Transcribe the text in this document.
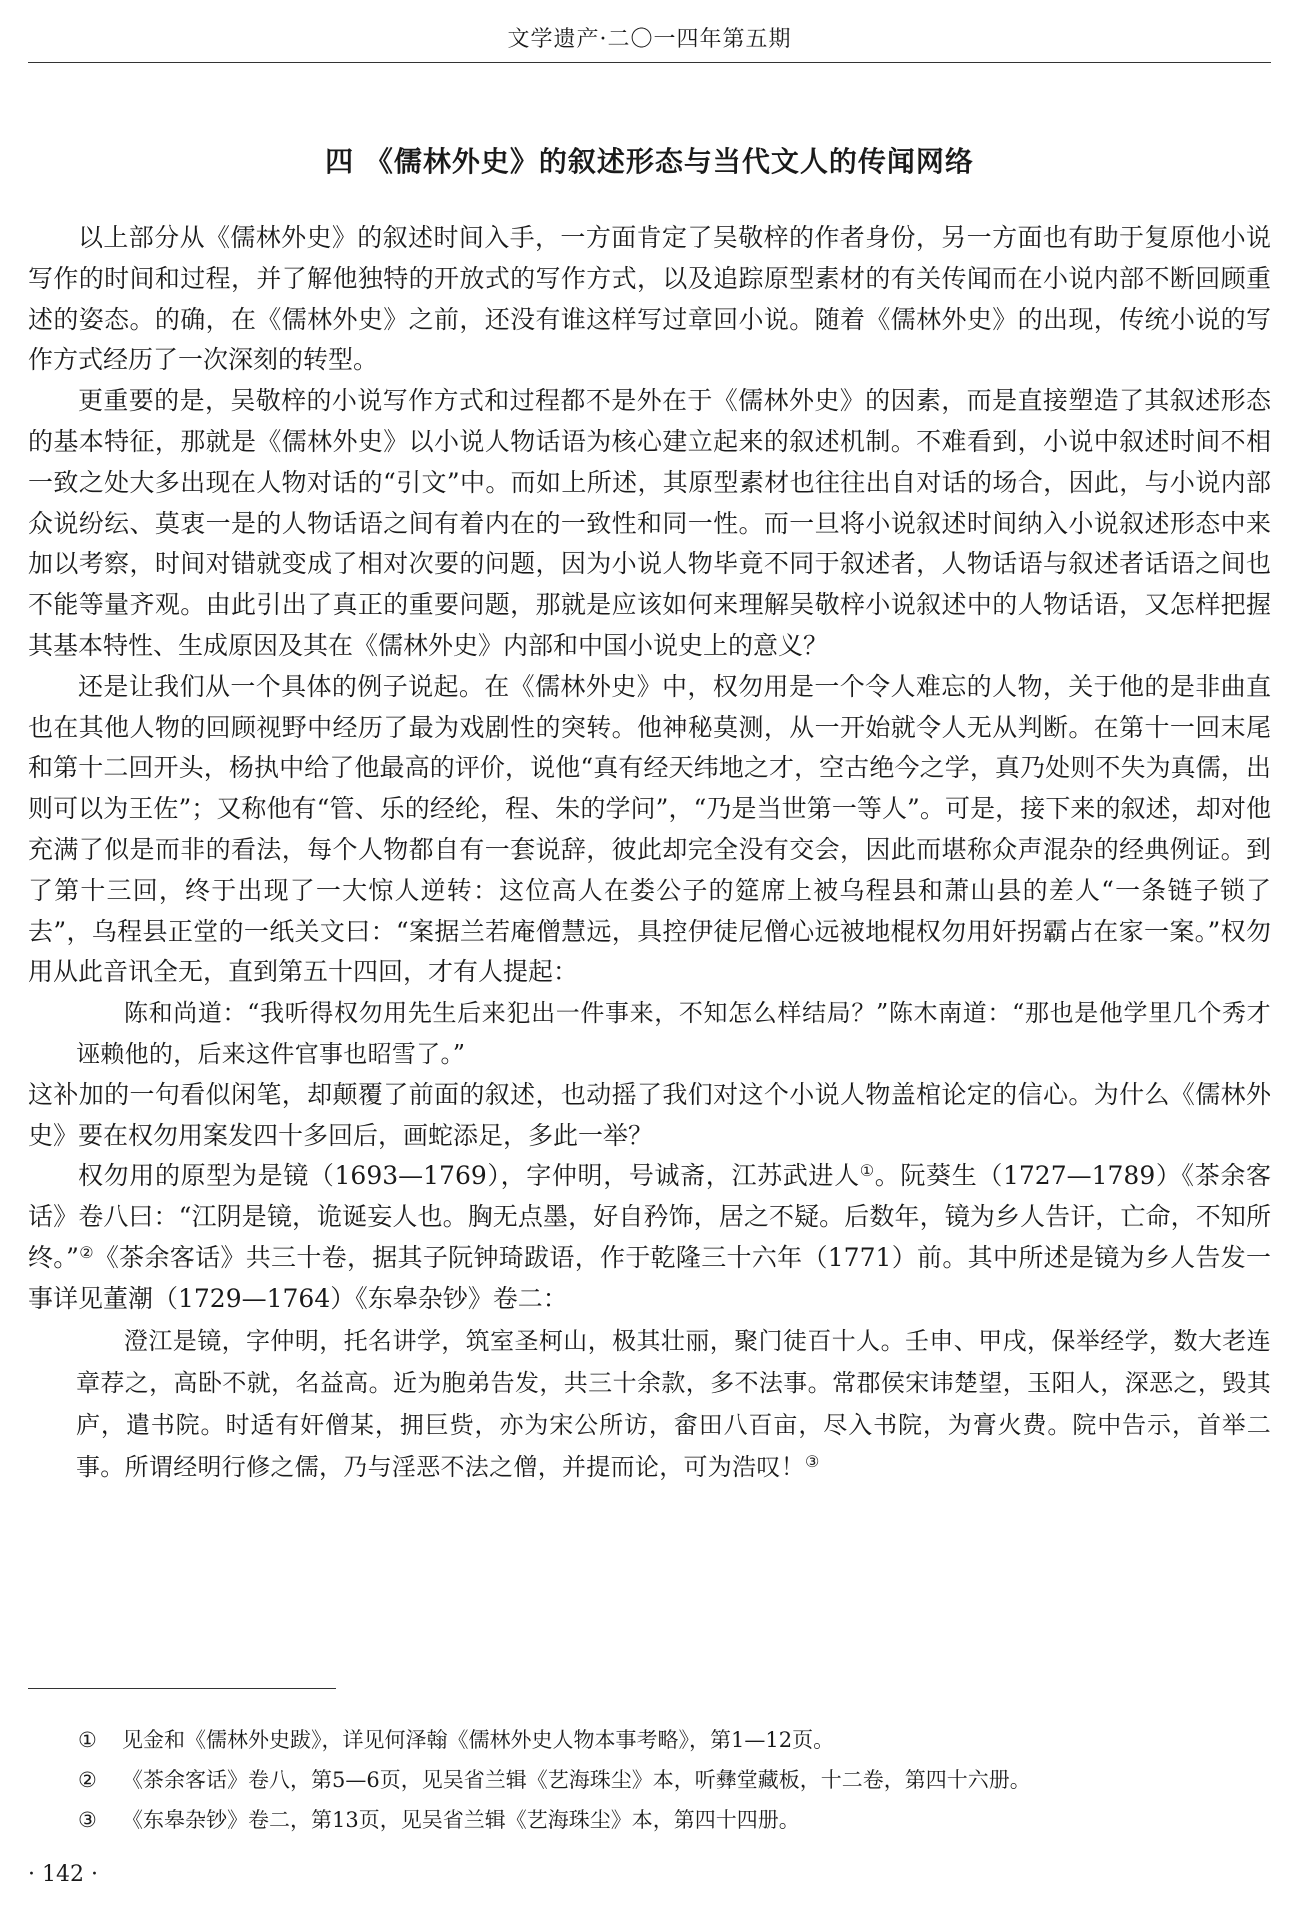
文学遗产·二〇一四年第五期
四 《儒林外史》的叙述形态与当代文人的传闻网络

以上部分从《儒林外史》的叙述时间入手，一方面肯定了吴敬梓的作者身份，另一方面也有助于复原他小说写作的时间和过程，并了解他独特的开放式的写作方式，以及追踪原型素材的有关传闻而在小说内部不断回顾重述的姿态。的确，在《儒林外史》之前，还没有谁这样写过章回小说。随着《儒林外史》的出现，传统小说的写作方式经历了一次深刻的转型。

更重要的是，吴敬梓的小说写作方式和过程都不是外在于《儒林外史》的因素，而是直接塑造了其叙述形态的基本特征，那就是《儒林外史》以小说人物话语为核心建立起来的叙述机制。不难看到，小说中叙述时间不相一致之处大多出现在人物对话的“引文”中。而如上所述，其原型素材也往往出自对话的场合，因此，与小说内部众说纷纭、莫衷一是的人物话语之间有着内在的一致性和同一性。而一旦将小说叙述时间纳入小说叙述形态中来加以考察，时间对错就变成了相对次要的问题，因为小说人物毕竟不同于叙述者，人物话语与叙述者话语之间也不能等量齐观。由此引出了真正的重要问题，那就是应该如何来理解吴敬梓小说叙述中的人物话语，又怎样把握其基本特性、生成原因及其在《儒林外史》内部和中国小说史上的意义？

还是让我们从一个具体的例子说起。在《儒林外史》中，权勿用是一个令人难忘的人物，关于他的是非曲直也在其他人物的回顾视野中经历了最为戏剧性的突转。他神秘莫测，从一开始就令人无从判断。在第十一回末尾和第十二回开头，杨执中给了他最高的评价，说他“真有经天纬地之才，空古绝今之学，真乃处则不失为真儒，出则可以为王佐”；又称他有“管、乐的经纶，程、朱的学问”，“乃是当世第一等人”。可是，接下来的叙述，却对他充满了似是而非的看法，每个人物都自有一套说辞，彼此却完全没有交会，因此而堪称众声混杂的经典例证。到了第十三回，终于出现了一大惊人逆转：这位高人在娄公子的筵席上被乌程县和萧山县的差人“一条链子锁了去”，乌程县正堂的一纸关文曰：“案据兰若庵僧慧远，具控伊徒尼僧心远被地棍权勿用奸拐霸占在家一案。”权勿用从此音讯全无，直到第五十四回，才有人提起：

陈和尚道：“我听得权勿用先生后来犯出一件事来，不知怎么样结局？”陈木南道：“那也是他学里几个秀才诬赖他的，后来这件官事也昭雪了。”

这补加的一句看似闲笔，却颠覆了前面的叙述，也动摇了我们对这个小说人物盖棺论定的信心。为什么《儒林外史》要在权勿用案发四十多回后，画蛇添足，多此一举？

权勿用的原型为是镜（1693—1769），字仲明，号诚斋，江苏武进人①。阮葵生（1727—1789）《茶余客话》卷八曰：“江阴是镜，诡诞妄人也。胸无点墨，好自矜饰，居之不疑。后数年，镜为乡人告讦，亡命，不知所终。”②《茶余客话》共三十卷，据其子阮钟琦跋语，作于乾隆三十六年（1771）前。其中所述是镜为乡人告发一事详见董潮（1729—1764）《东皋杂钞》卷二：

澄江是镜，字仲明，托名讲学，筑室圣柯山，极其壮丽，聚门徒百十人。壬申、甲戌，保举经学，数大老连章荐之，高卧不就，名益高。近为胞弟告发，共三十余款，多不法事。常郡侯宋讳楚望，玉阳人，深恶之，毁其庐，遣书院。时适有奸僧某，拥巨赀，亦为宋公所访，畲田八百亩，尽入书院，为膏火费。院中告示，首举二事。所谓经明行修之儒，乃与淫恶不法之僧，并提而论，可为浩叹！③

①	见金和《儒林外史跋》，详见何泽翰《儒林外史人物本事考略》，第1—12页。
②	《茶余客话》卷八，第5—6页，见吴省兰辑《艺海珠尘》本，听彝堂藏板，十二卷，第四十六册。
③	《东皋杂钞》卷二，第13页，见吴省兰辑《艺海珠尘》本，第四十四册。
· 142 ·
